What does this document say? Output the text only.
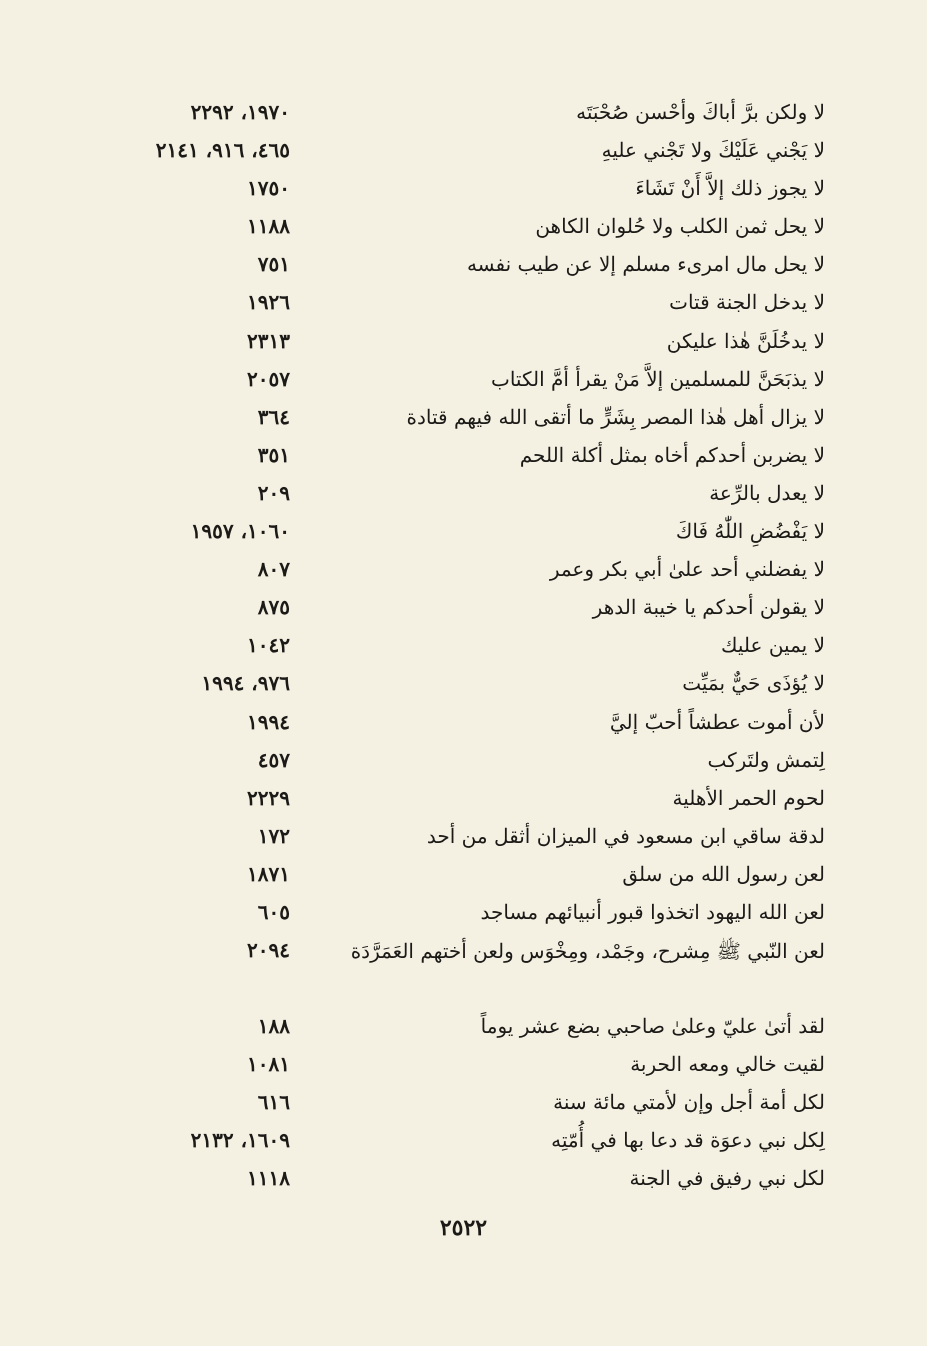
لا ولكن برَّ أباكَ وأحْسن صُحْبَتَه
١٩٧٠، ٢٢٩٢
لا يَجْني عَلَيْكَ ولا تَجْني عليهِ
٤٦٥، ٩١٦، ٢١٤١
لا يجوز ذلك إلاَّ أَنْ تَشَاءَ
١٧٥٠
لا يحل ثمن الكلب ولا حُلوان الكاهن
١١٨٨
لا يحل مال امرىء مسلم إلا عن طيب نفسه
٧٥١
لا يدخل الجنة قتات
١٩٢٦
لا يدخُلَنَّ هٰذا عليكن
٢٣١٣
لا يذبَحَنَّ للمسلمين إلاَّ مَنْ يقرأ أمَّ الكتاب
٢٠٥٧
لا يزال أهل هٰذا المصر بِشَرٍّ ما أتقى الله فيهم قتادة
٣٦٤
لا يضربن أحدكم أخاه بمثل أكلة اللحم
٣٥١
لا يعدل بالرِّعة
٢٠٩
لا يَفْضُضِ اللّٰهُ فَاكَ
١٠٦٠، ١٩٥٧
لا يفضلني أحد علىٰ أبي بكر وعمر
٨٠٧
لا يقولن أحدكم يا خيبة الدهر
٨٧٥
لا يمين عليك
١٠٤٢
لا يُؤذَى حَيٌّ بمَيِّت
٩٧٦، ١٩٩٤
لأن أموت عطشاً أحبّ إليَّ
١٩٩٤
لِتمش ولتَركب
٤٥٧
لحوم الحمر الأهلية
٢٢٢٩
لدقة ساقي ابن مسعود في الميزان أثقل من أحد
١٧٢
لعن رسول الله من سلق
١٨٧١
لعن الله اليهود اتخذوا قبور أنبيائهم مساجد
٦٠٥
لعن النّبي ﷺ مِشرح، وجَمْد، ومِخْوَس ولعن أختهم العَمَرَّدَة
٢٠٩٤
لقد أتىٰ عليّ وعلىٰ صاحبي بضع عشر يوماً
١٨٨
لقيت خالي ومعه الحربة
١٠٨١
لكل أمة أجل وإن لأمتي مائة سنة
٦١٦
لِكل نبي دعوَة قد دعا بها في أُمّتِه
١٦٠٩، ٢١٣٢
لكل نبي رفيق في الجنة
١١١٨
٢٥٢٢
